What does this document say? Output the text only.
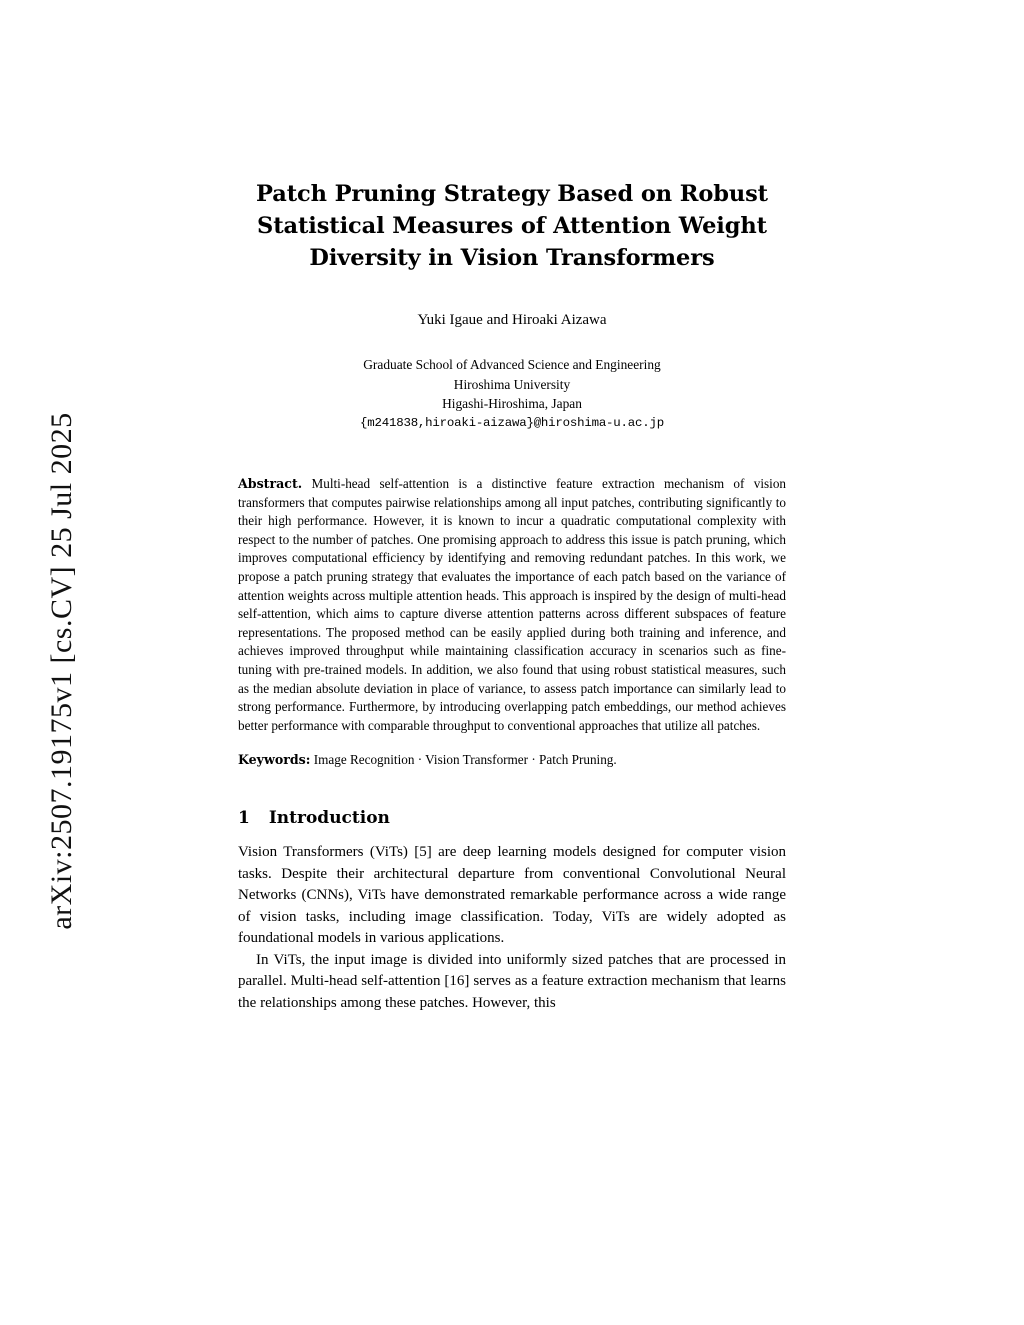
arXiv:2507.19175v1 [cs.CV] 25 Jul 2025
Patch Pruning Strategy Based on Robust Statistical Measures of Attention Weight Diversity in Vision Transformers
Yuki Igaue and Hiroaki Aizawa
Graduate School of Advanced Science and Engineering
Hiroshima University
Higashi-Hiroshima, Japan
{m241838,hiroaki-aizawa}@hiroshima-u.ac.jp
Abstract. Multi-head self-attention is a distinctive feature extraction mechanism of vision transformers that computes pairwise relationships among all input patches, contributing significantly to their high performance. However, it is known to incur a quadratic computational complexity with respect to the number of patches. One promising approach to address this issue is patch pruning, which improves computational efficiency by identifying and removing redundant patches. In this work, we propose a patch pruning strategy that evaluates the importance of each patch based on the variance of attention weights across multiple attention heads. This approach is inspired by the design of multi-head self-attention, which aims to capture diverse attention patterns across different subspaces of feature representations. The proposed method can be easily applied during both training and inference, and achieves improved throughput while maintaining classification accuracy in scenarios such as fine-tuning with pre-trained models. In addition, we also found that using robust statistical measures, such as the median absolute deviation in place of variance, to assess patch importance can similarly lead to strong performance. Furthermore, by introducing overlapping patch embeddings, our method achieves better performance with comparable throughput to conventional approaches that utilize all patches.
Keywords: Image Recognition · Vision Transformer · Patch Pruning.
1 Introduction
Vision Transformers (ViTs) [5] are deep learning models designed for computer vision tasks. Despite their architectural departure from conventional Convolutional Neural Networks (CNNs), ViTs have demonstrated remarkable performance across a wide range of vision tasks, including image classification. Today, ViTs are widely adopted as foundational models in various applications.
In ViTs, the input image is divided into uniformly sized patches that are processed in parallel. Multi-head self-attention [16] serves as a feature extraction mechanism that learns the relationships among these patches. However, this
